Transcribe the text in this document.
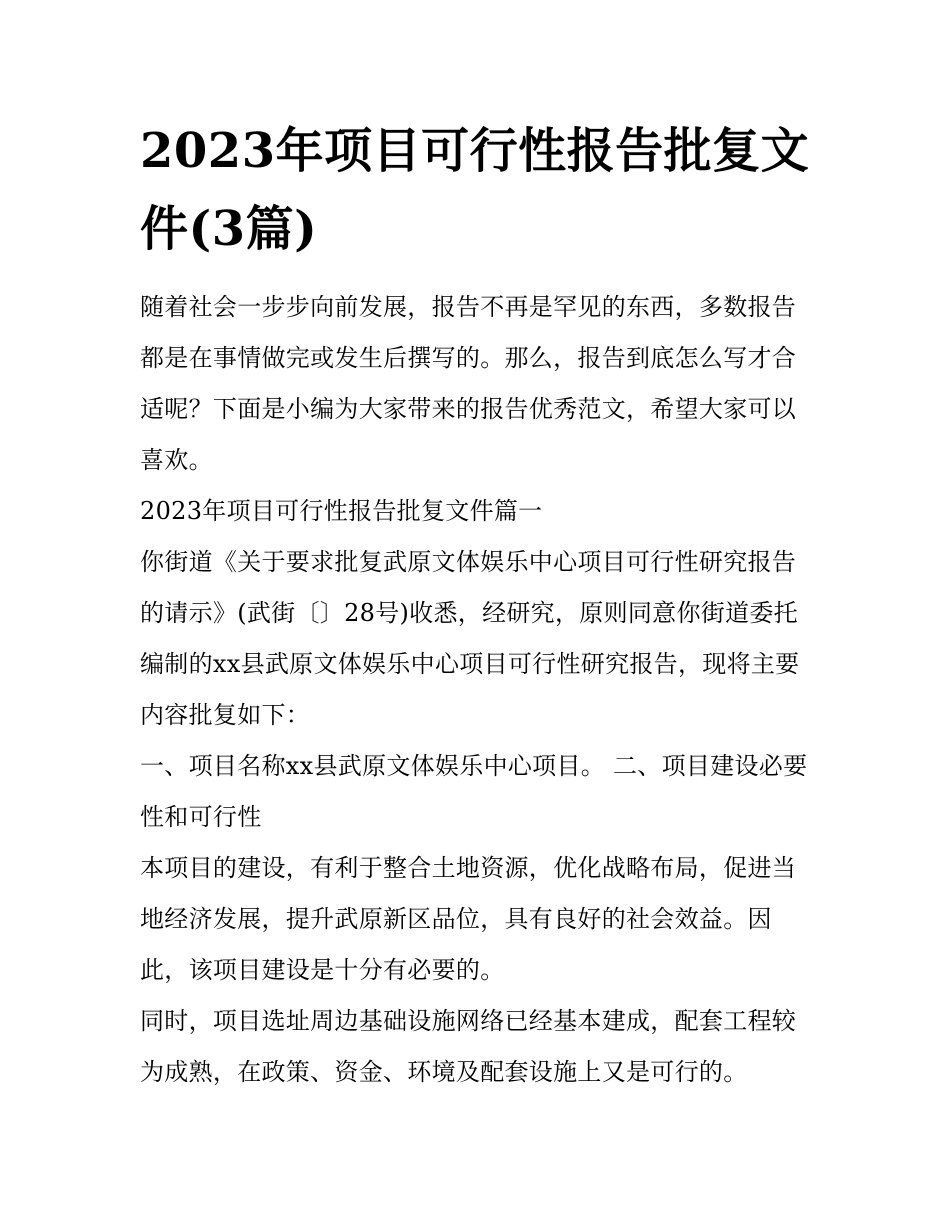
2023年项目可行性报告批复文件(3篇)

随着社会一步步向前发展，报告不再是罕见的东西，多数报告都是在事情做完或发生后撰写的。那么，报告到底怎么写才合适呢？下面是小编为大家带来的报告优秀范文，希望大家可以喜欢。

2023年项目可行性报告批复文件篇一

你街道《关于要求批复武原文体娱乐中心项目可行性研究报告的请示》(武街〔〕28号)收悉，经研究，原则同意你街道委托编制的xx县武原文体娱乐中心项目可行性研究报告，现将主要内容批复如下：

一、项目名称xx县武原文体娱乐中心项目。 二、项目建设必要性和可行性

本项目的建设，有利于整合土地资源，优化战略布局，促进当地经济发展，提升武原新区品位，具有良好的社会效益。因此，该项目建设是十分有必要的。

同时，项目选址周边基础设施网络已经基本建成，配套工程较为成熟，在政策、资金、环境及配套设施上又是可行的。
